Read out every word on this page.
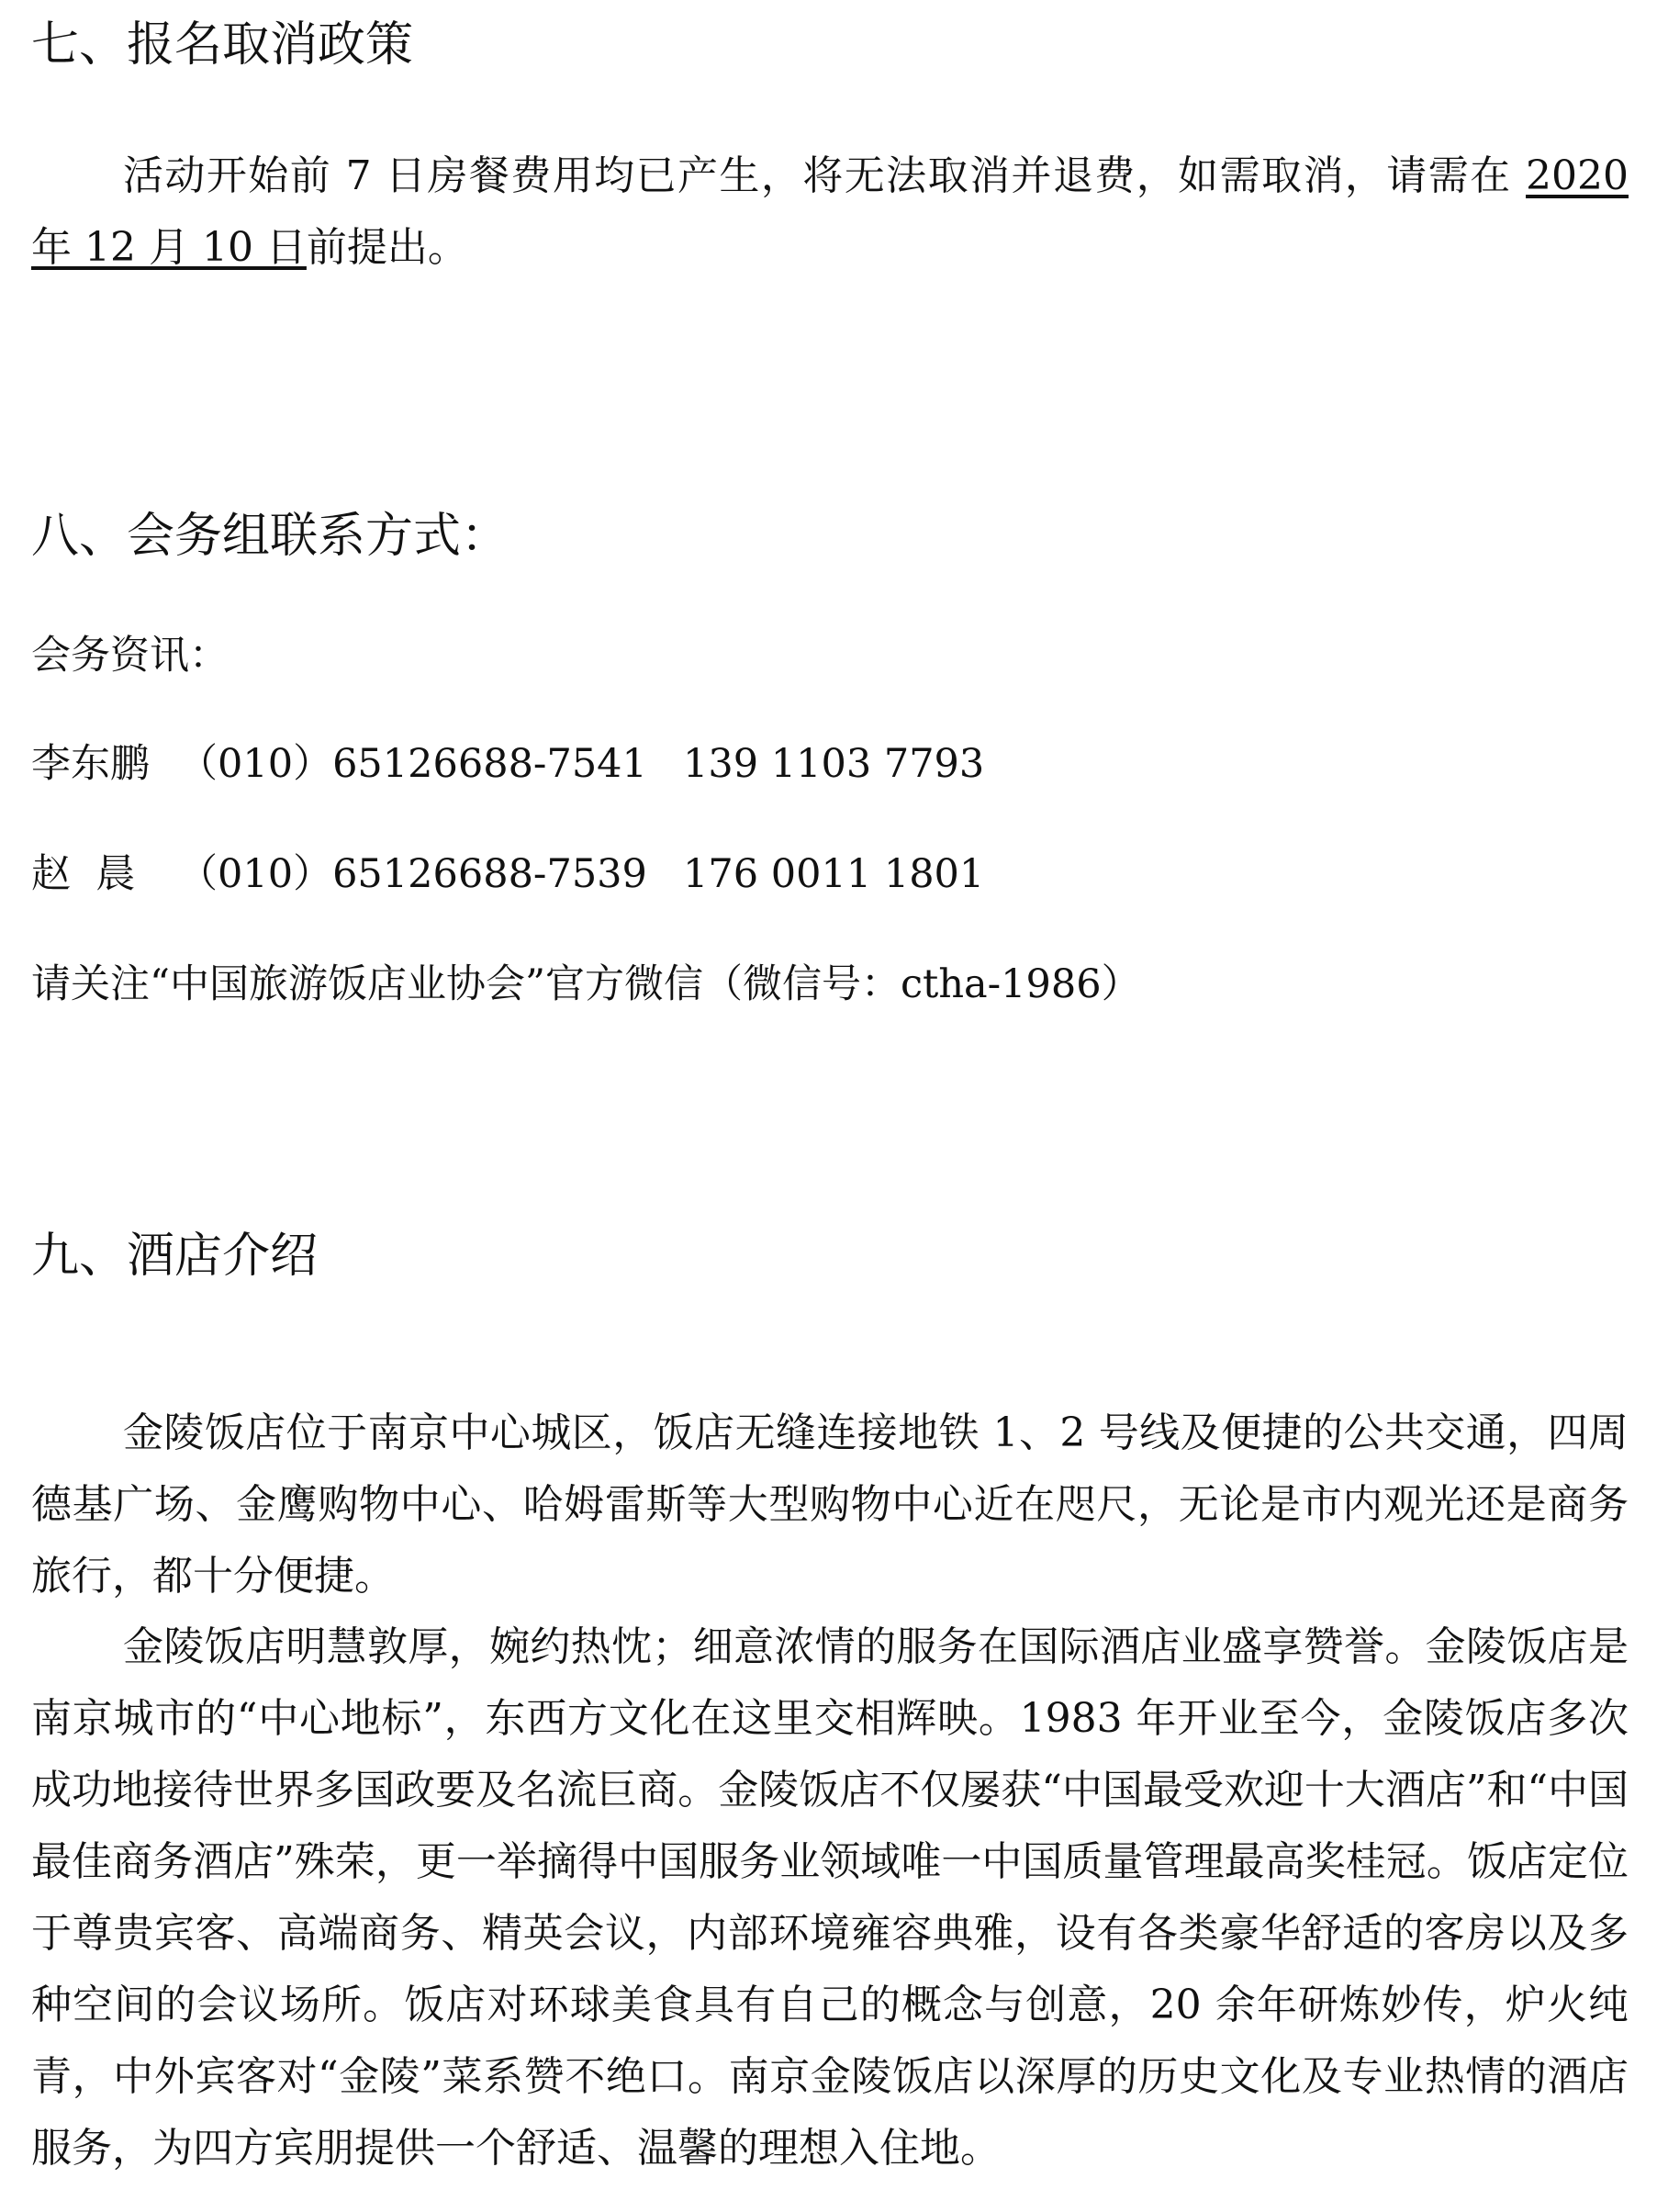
七、报名取消政策

活动开始前 7 日房餐费用均已产生，将无法取消并退费，如需取消，请需在 2020 年 12 月 10 日前提出。

八、会务组联系方式：
会务资讯：
李东鹏 （010）65126688-7541 139 1103 7793
赵  晨 （010）65126688-7539 176 0011 1801
请关注“中国旅游饭店业协会”官方微信（微信号：ctha-1986）
九、酒店介绍

金陵饭店位于南京中心城区，饭店无缝连接地铁 1、2 号线及便捷的公共交通，四周德基广场、金鹰购物中心、哈姆雷斯等大型购物中心近在咫尺，无论是市内观光还是商务旅行，都十分便捷。

金陵饭店明慧敦厚，婉约热忱；细意浓情的服务在国际酒店业盛享赞誉。金陵饭店是南京城市的“中心地标”，东西方文化在这里交相辉映。1983 年开业至今，金陵饭店多次成功地接待世界多国政要及名流巨商。金陵饭店不仅屡获“中国最受欢迎十大酒店”和“中国最佳商务酒店”殊荣，更一举摘得中国服务业领域唯一中国质量管理最高奖桂冠。饭店定位于尊贵宾客、高端商务、精英会议，内部环境雍容典雅，设有各类豪华舒适的客房以及多种空间的会议场所。饭店对环球美食具有自己的概念与创意，20 余年研炼妙传，炉火纯青，中外宾客对“金陵”菜系赞不绝口。南京金陵饭店以深厚的历史文化及专业热情的酒店服务，为四方宾朋提供一个舒适、温馨的理想入住地。
